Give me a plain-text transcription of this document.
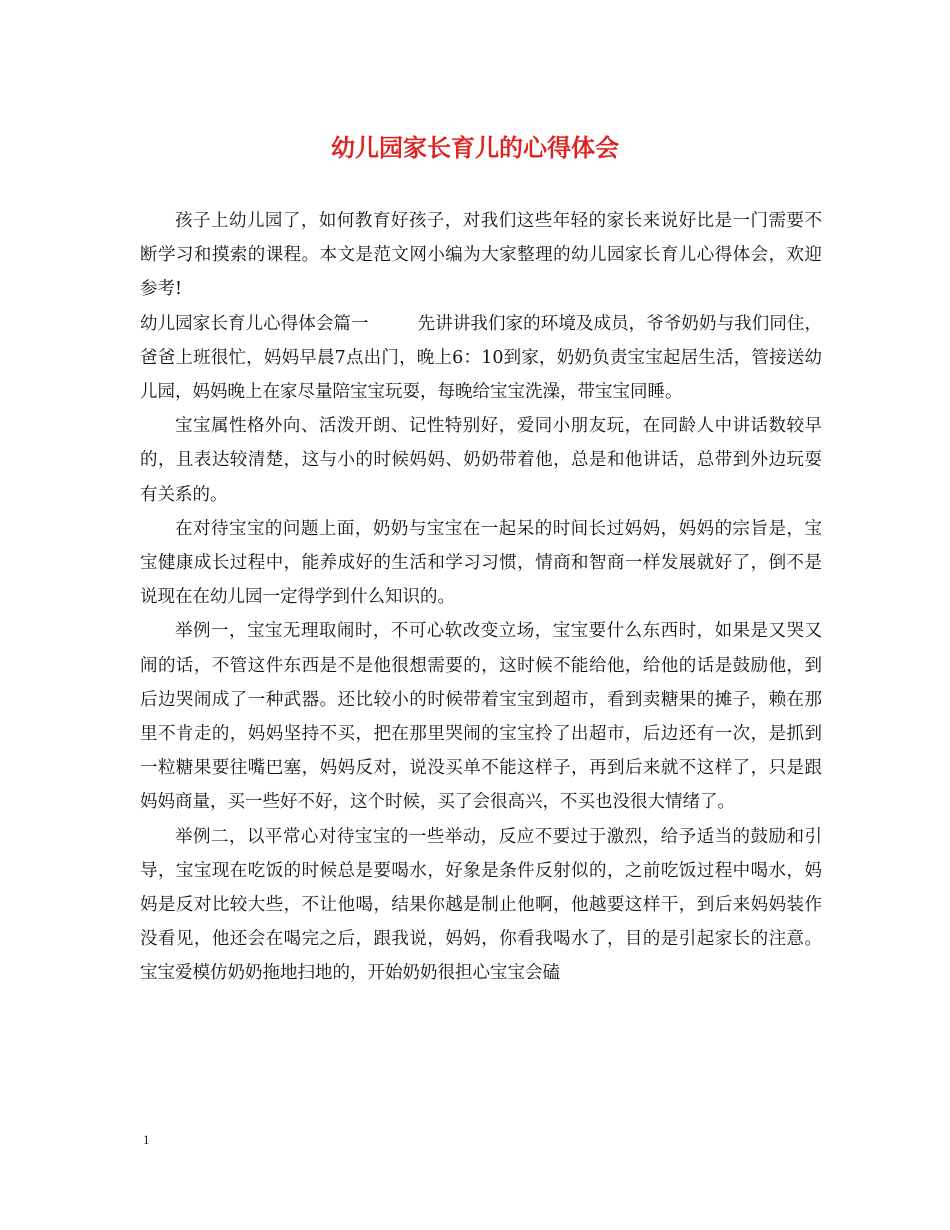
幼儿园家长育儿的心得体会

孩子上幼儿园了，如何教育好孩子，对我们这些年轻的家长来说好比是一门需要不断学习和摸索的课程。本文是范文网小编为大家整理的幼儿园家长育儿心得体会，欢迎参考!

幼儿园家长育儿心得体会篇一	先讲讲我们家的环境及成员，爷爷奶奶与我们同住，爸爸上班很忙，妈妈早晨7点出门，晚上6：10到家，奶奶负责宝宝起居生活，管接送幼儿园，妈妈晚上在家尽量陪宝宝玩耍，每晚给宝宝洗澡，带宝宝同睡。

宝宝属性格外向、活泼开朗、记性特别好，爱同小朋友玩，在同龄人中讲话数较早的，且表达较清楚，这与小的时候妈妈、奶奶带着他，总是和他讲话，总带到外边玩耍有关系的。

在对待宝宝的问题上面，奶奶与宝宝在一起呆的时间长过妈妈，妈妈的宗旨是，宝宝健康成长过程中，能养成好的生活和学习习惯，情商和智商一样发展就好了，倒不是说现在在幼儿园一定得学到什么知识的。

举例一，宝宝无理取闹时，不可心软改变立场，宝宝要什么东西时，如果是又哭又闹的话，不管这件东西是不是他很想需要的，这时候不能给他，给他的话是鼓励他，到后边哭闹成了一种武器。还比较小的时候带着宝宝到超市，看到卖糖果的摊子，赖在那里不肯走的，妈妈坚持不买，把在那里哭闹的宝宝拎了出超市，后边还有一次，是抓到一粒糖果要往嘴巴塞，妈妈反对，说没买单不能这样子，再到后来就不这样了，只是跟妈妈商量，买一些好不好，这个时候，买了会很高兴，不买也没很大情绪了。

举例二，以平常心对待宝宝的一些举动，反应不要过于激烈，给予适当的鼓励和引导，宝宝现在吃饭的时候总是要喝水，好象是条件反射似的，之前吃饭过程中喝水，妈妈是反对比较大些，不让他喝，结果你越是制止他啊，他越要这样干，到后来妈妈装作没看见，他还会在喝完之后，跟我说，妈妈，你看我喝水了，目的是引起家长的注意。宝宝爱模仿奶奶拖地扫地的，开始奶奶很担心宝宝会磕

1
